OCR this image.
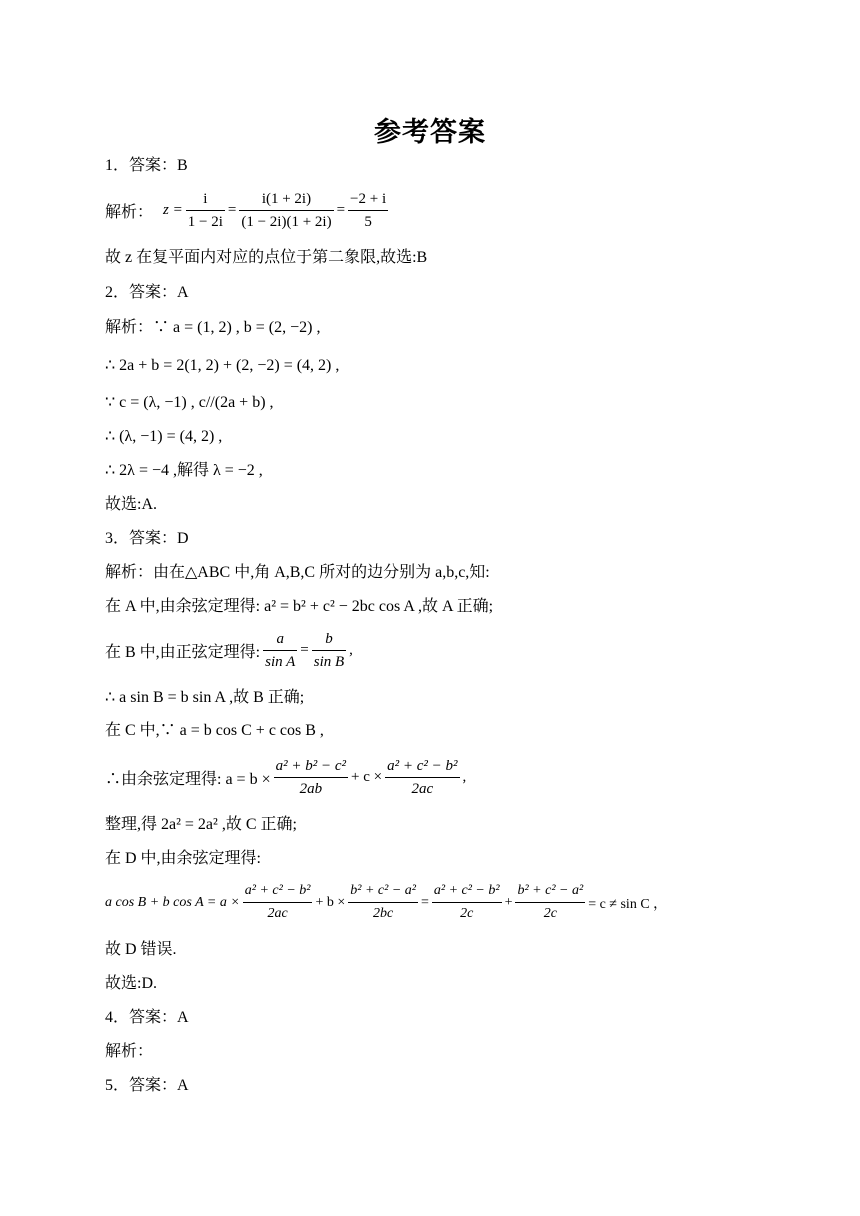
参考答案
1．答案：B
解析： $z = \frac{i}{1 - 2i} = \frac{i(1 + 2i)}{(1 - 2i)(1 + 2i)} = \frac{-2 + i}{5}$
故 z 在复平面内对应的点位于第二象限,故选:B
2．答案：A
解析：∵ a = (1, 2) , b = (2, −2) ,
∴ 2a + b = 2(1, 2) + (2, −2) = (4, 2) ,
∵ c = (λ, −1) , c//(2a + b) ,
∴ (λ, −1) = (4, 2) ,
∴ 2λ = −4 ,解得 λ = −2 ,
故选:A.
3．答案：D
解析：由在△ABC 中,角 A,B,C 所对的边分别为 a,b,c,知:
在 A 中,由余弦定理得: a² = b² + c² − 2bc cos A ,故 A 正确;
在 B 中,由正弦定理得: $\frac{a}{\text{sin A}} = \frac{b}{\text{sin B}}$ ,
∴ a sin B = b sin A ,故 B 正确;
在 C 中,∵ a = b cos C + c cos B ,
∴由余弦定理得: $a = b \times \frac{\text{a² + b² − c²}}{2ab} + c \times \frac{\text{a² + c² − b²}}{2ac}$ ,
整理,得 2a² = 2a² ,故 C 正确;
在 D 中,由余弦定理得:
a cos B + b $\cos A = a \times \frac{\text{a² + c² − b²}}{2ac} + b \times \frac{\text{b² + c² − a²}}{2bc} = \frac{\text{a² + c² − b²}}{2c} + \frac{\text{b² + c² − a²}}{2c} = c \ne \sin C$ ，
故 D 错误.
故选:D.
4．答案：A
解析：
5．答案：A
